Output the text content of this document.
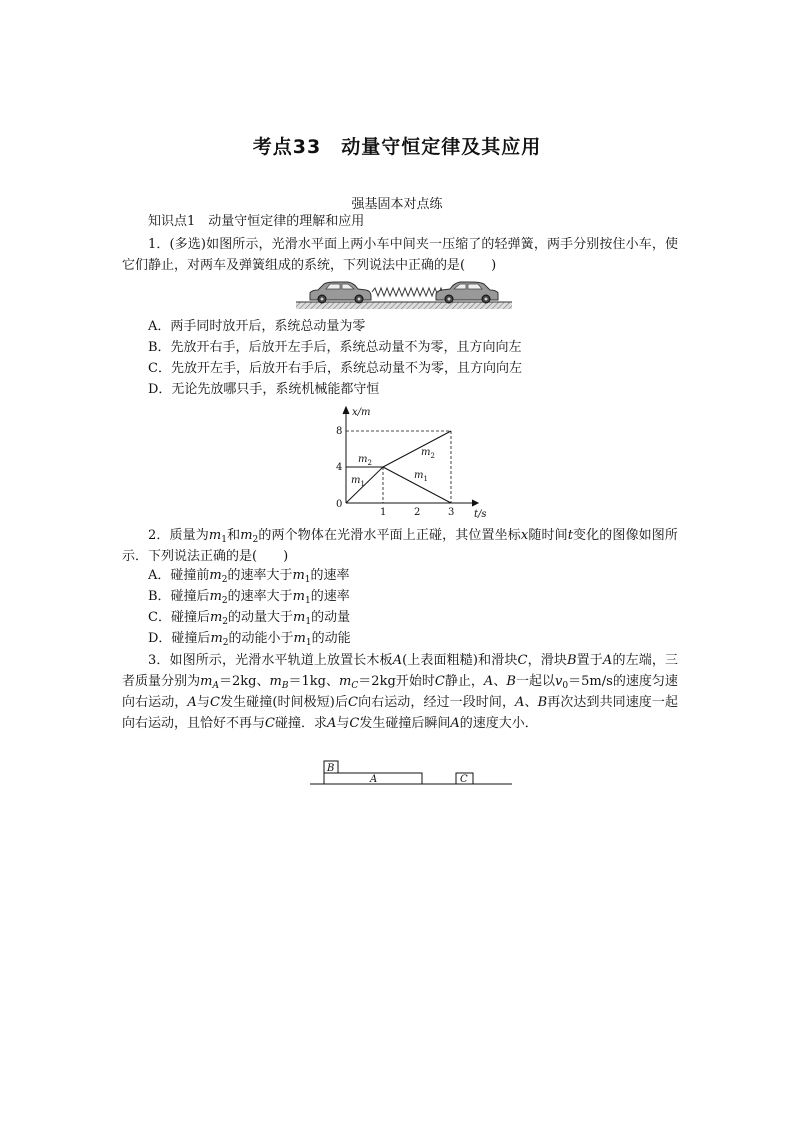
考点33　动量守恒定律及其应用
强基固本对点练
知识点1　动量守恒定律的理解和应用
1．(多选)如图所示，光滑水平面上两小车中间夹一压缩了的轻弹簧，两手分别按住小车，使它们静止，对两车及弹簧组成的系统，下列说法中正确的是(　　)
A．两手同时放开后，系统总动量为零
B．先放开右手，后放开左手后，系统总动量不为零，且方向向左
C．先放开左手，后放开右手后，系统总动量不为零，且方向向左
D．无论先放哪只手，系统机械能都守恒
x/m
t/s
8
4
0
1	2	3
$m_2$
$m_1$
$m_2$
$m_1$
2．质量为$m_1$和$m_2$的两个物体在光滑水平面上正碰，其位置坐标x随时间t变化的图像如图所示．下列说法正确的是(　　)
A．碰撞前$m_2$的速率大于$m_1$的速率
B．碰撞后$m_2$的速率大于$m_1$的速率
C．碰撞后$m_2$的动量大于$m_1$的动量
D．碰撞后$m_2$的动能小于$m_1$的动能
3．如图所示，光滑水平轨道上放置长木板A(上表面粗糙)和滑块C，滑块B置于A的左端，三者质量分别为$m_A=2kg$、$m_B=1kg$、$m_C=2kg$开始时C静止，A、B一起以$v_0=5m/s$的速度匀速向右运动，A与C发生碰撞(时间极短)后C向右运动，经过一段时间，A、B再次达到共同速度一起向右运动，且恰好不再与C碰撞．求A与C发生碰撞后瞬间A的速度大小．
B
A	C
